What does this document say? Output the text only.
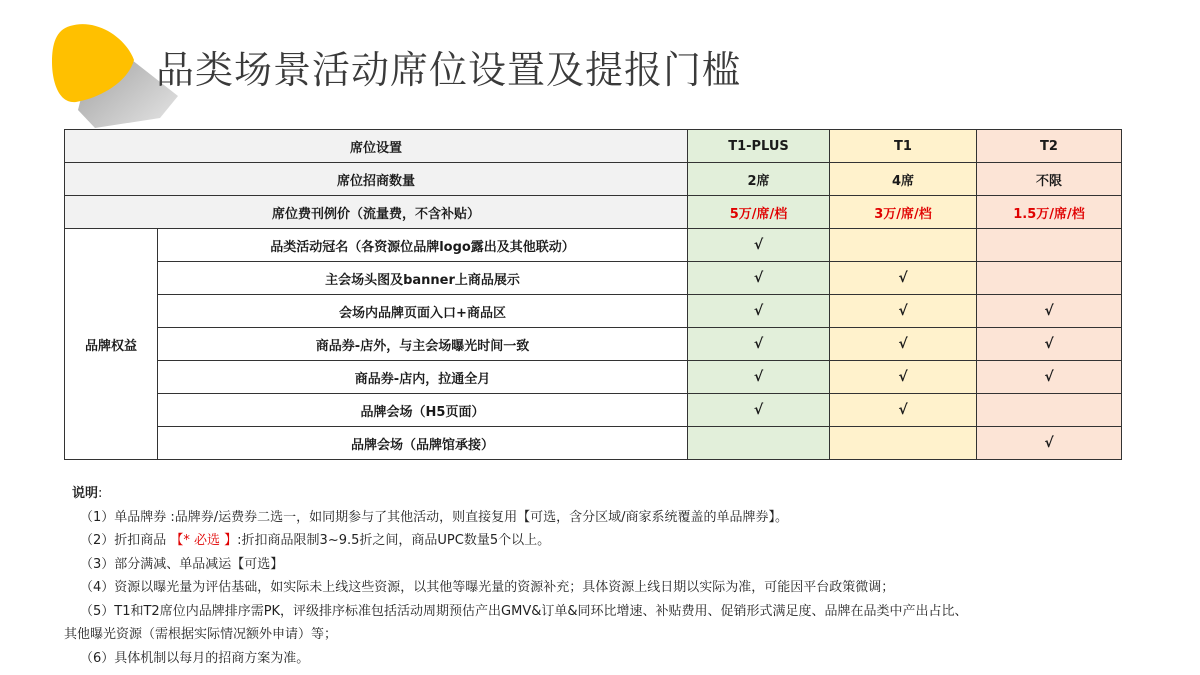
品类场景活动席位设置及提报门槛
席位设置		T1-PLUS	T1	T2
席位招商数量		2席	4席	不限
席位费刊例价（流量费，不含补贴）		5万/席/档	3万/席/档	1.5万/席/档
品牌权益	品类活动冠名（各资源位品牌logo露出及其他联动）	√		
	主会场头图及banner上商品展示	√	√	
	会场内品牌页面入口+商品区	√	√	√
	商品券-店外，与主会场曝光时间一致	√	√	√
	商品券-店内，拉通全月	√	√	√
	品牌会场（H5页面）	√	√	
	品牌会场（品牌馆承接）			√
说明:
（1）单品牌券 :品牌券/运费券二选一，如同期参与了其他活动，则直接复用【可选，含分区域/商家系统覆盖的单品牌券】。
（2）折扣商品 【* 必选 】:折扣商品限制3~9.5折之间，商品UPC数量5个以上。
（3）部分满减、单品减运【可选】
（4）资源以曝光量为评估基础，如实际未上线这些资源，以其他等曝光量的资源补充；具体资源上线日期以实际为准，可能因平台政策微调；
（5）T1和T2席位内品牌排序需PK，评级排序标准包括活动周期预估产出GMV&订单&同环比增速、补贴费用、促销形式满足度、品牌在品类中产出占比、
其他曝光资源（需根据实际情况额外申请）等；
（6）具体机制以每月的招商方案为准。
